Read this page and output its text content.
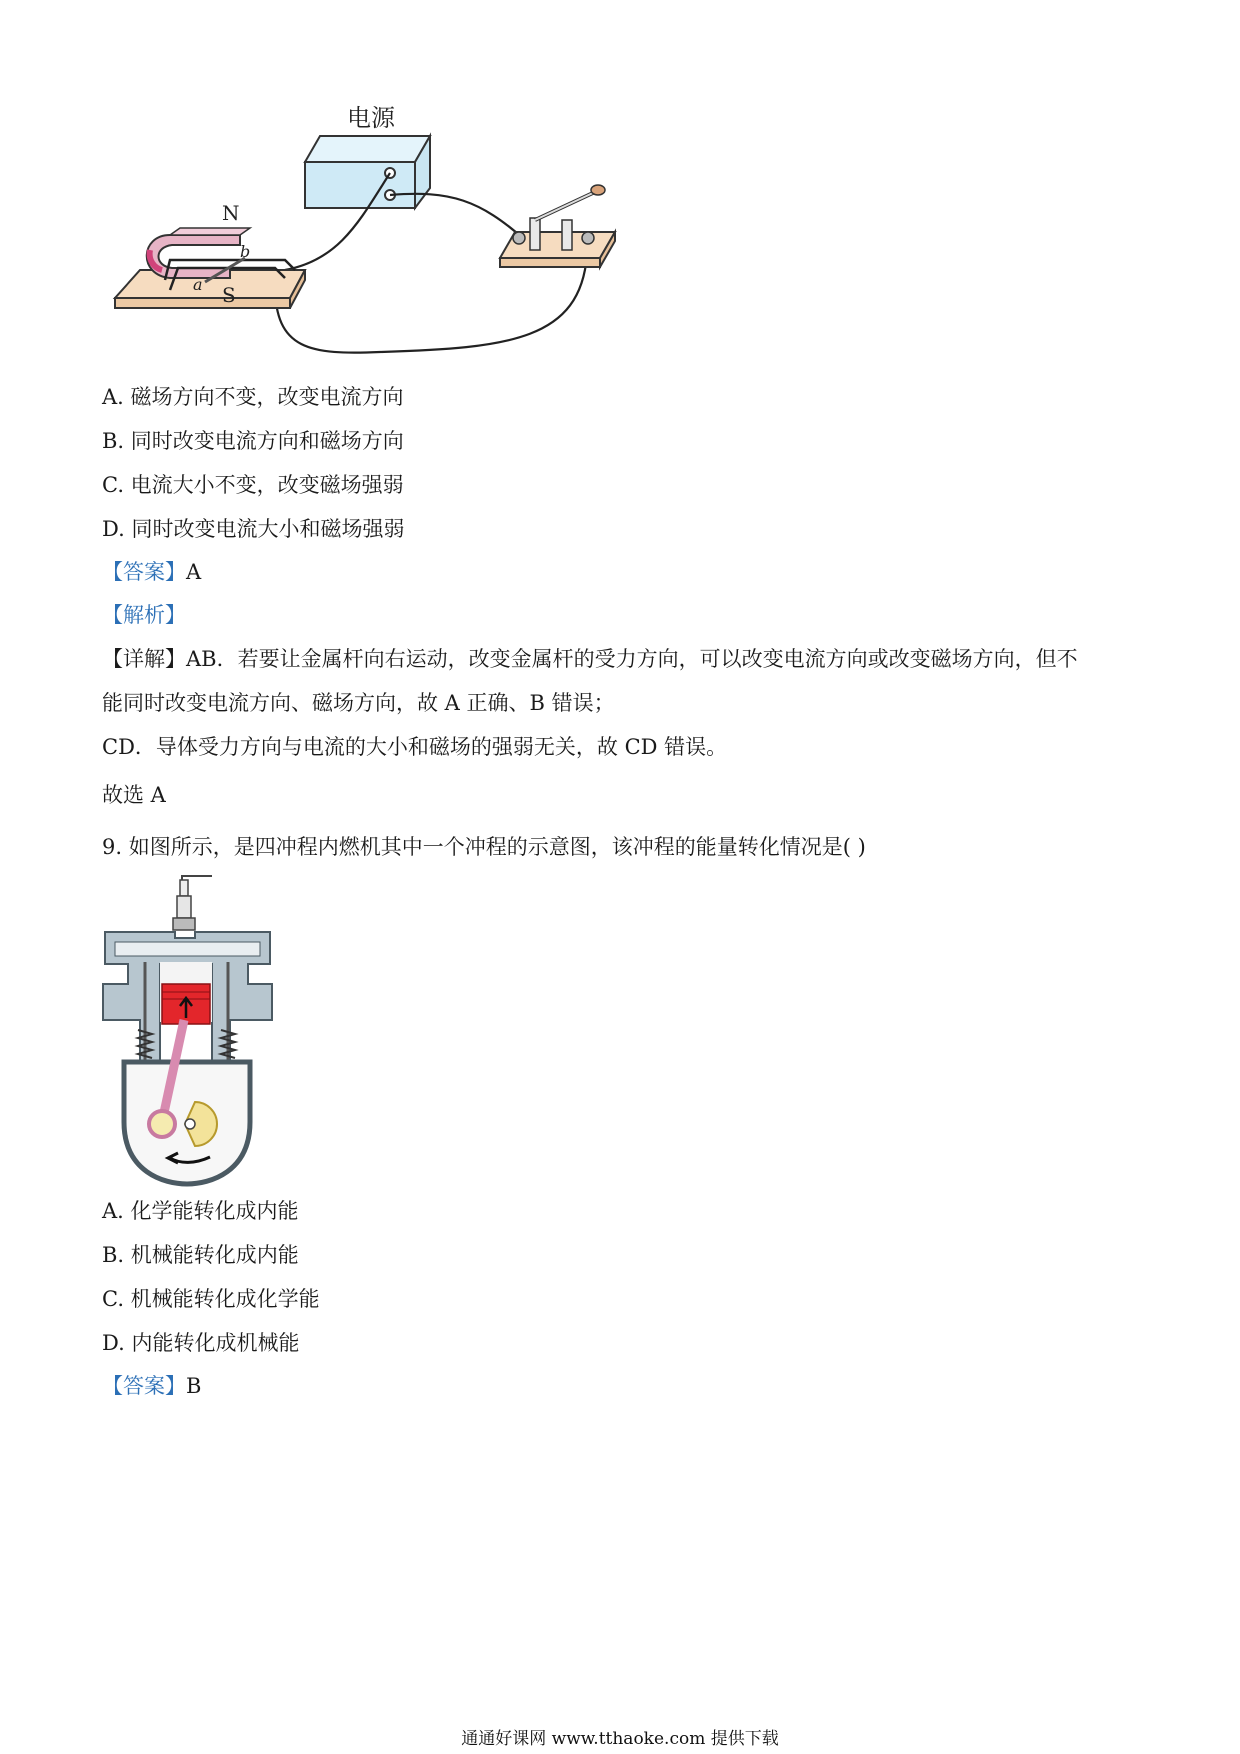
电源
N
S
a
b
A. 磁场方向不变，改变电流方向
B. 同时改变电流方向和磁场方向
C. 电流大小不变，改变磁场强弱
D. 同时改变电流大小和磁场强弱
【答案】A
【解析】
【详解】AB．若要让金属杆向右运动，改变金属杆的受力方向，可以改变电流方向或改变磁场方向，但不
能同时改变电流方向、磁场方向，故 A 正确、B 错误；
CD．导体受力方向与电流的大小和磁场的强弱无关，故 CD 错误。
故选 A
9. 如图所示，是四冲程内燃机其中一个冲程的示意图，该冲程的能量转化情况是( )
A. 化学能转化成内能
B. 机械能转化成内能
C. 机械能转化成化学能
D. 内能转化成机械能
【答案】B
通通好课网 www.tthaoke.com 提供下载
